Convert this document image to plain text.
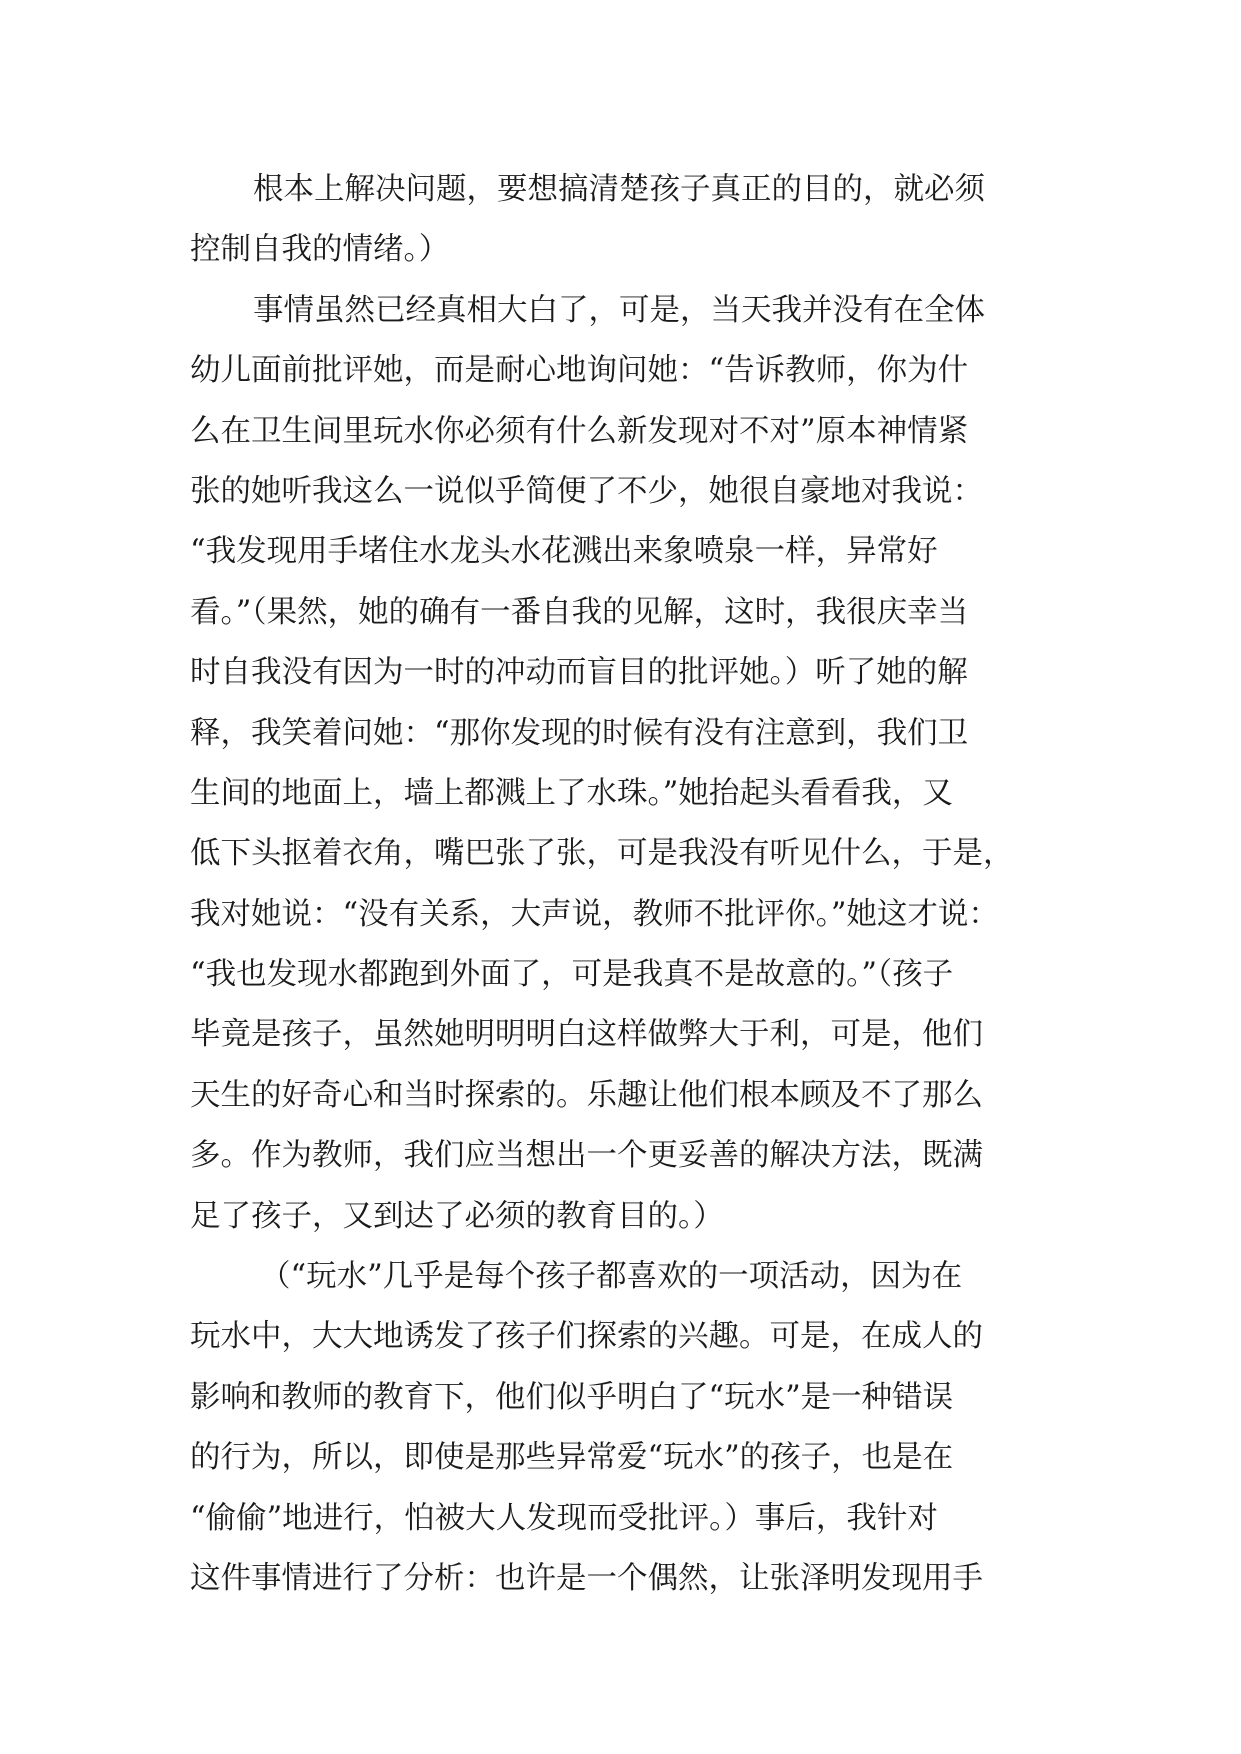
根本上解决问题，要想搞清楚孩子真正的目的，就必须
控制自我的情绪。）
事情虽然已经真相大白了，可是，当天我并没有在全体
幼儿面前批评她，而是耐心地询问她：“告诉教师，你为什
么在卫生间里玩水你必须有什么新发现对不对”原本神情紧
张的她听我这么一说似乎简便了不少，她很自豪地对我说：
“我发现用手堵住水龙头水花溅出来象喷泉一样，异常好
看。”（果然，她的确有一番自我的见解，这时，我很庆幸当
时自我没有因为一时的冲动而盲目的批评她。）听了她的解
释，我笑着问她：“那你发现的时候有没有注意到，我们卫
生间的地面上，墙上都溅上了水珠。”她抬起头看看我，又
低下头抠着衣角，嘴巴张了张，可是我没有听见什么，于是，
我对她说：“没有关系，大声说，教师不批评你。”她这才说：
“我也发现水都跑到外面了，可是我真不是故意的。”（孩子
毕竟是孩子，虽然她明明明白这样做弊大于利，可是，他们
天生的好奇心和当时探索的。乐趣让他们根本顾及不了那么
多。作为教师，我们应当想出一个更妥善的解决方法，既满
足了孩子，又到达了必须的教育目的。）
（“玩水”几乎是每个孩子都喜欢的一项活动，因为在
玩水中，大大地诱发了孩子们探索的兴趣。可是，在成人的
影响和教师的教育下，他们似乎明白了“玩水”是一种错误
的行为，所以，即使是那些异常爱“玩水”的孩子，也是在
“偷偷”地进行，怕被大人发现而受批评。）事后，我针对
这件事情进行了分析：也许是一个偶然，让张泽明发现用手
